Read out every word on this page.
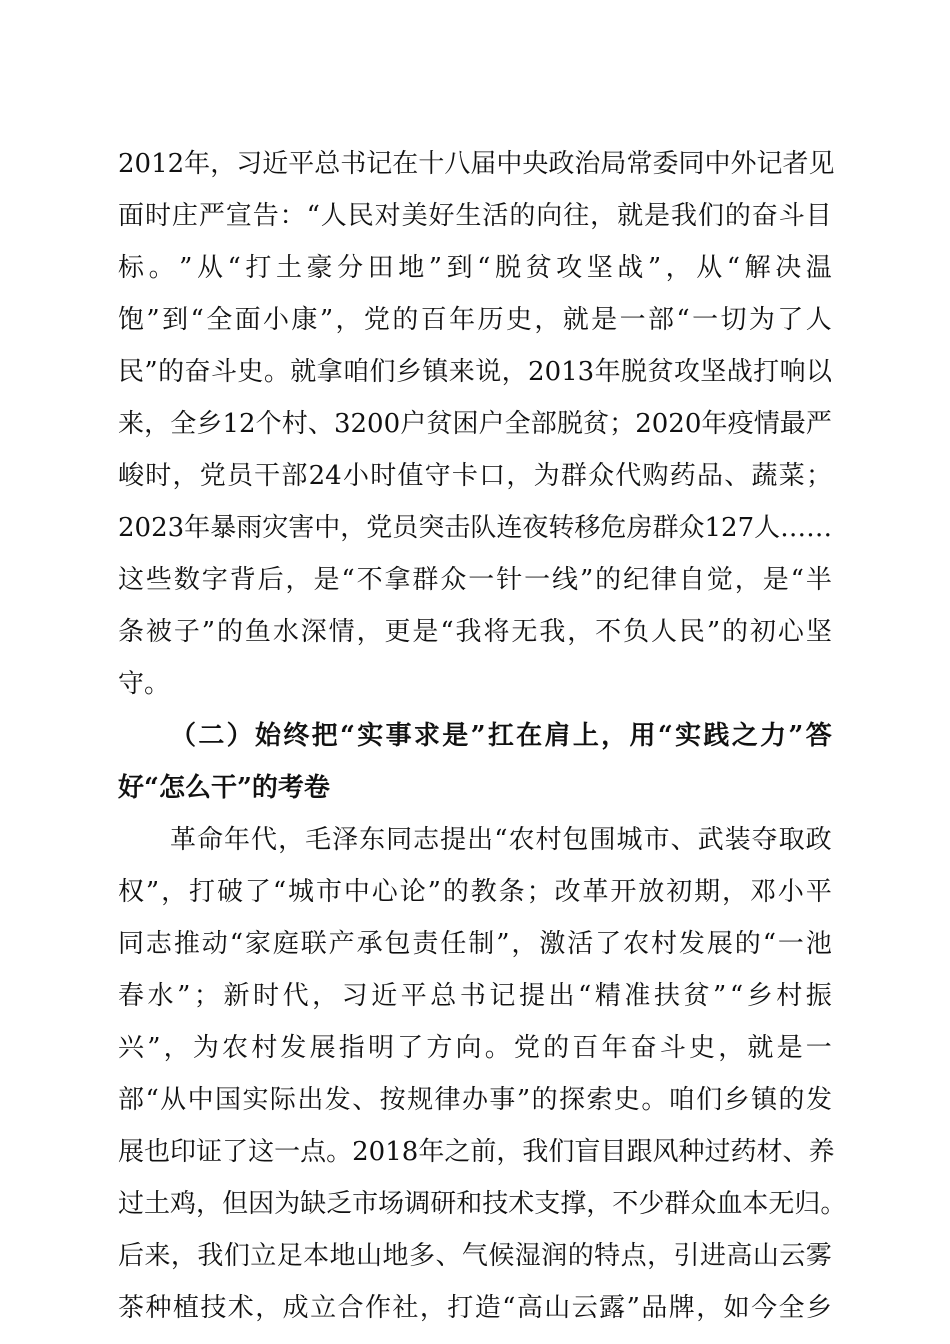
2012 年 ， 习 近 平 总 书 记 在 十 八 届 中 央 政 治 局 常 委 同 中 外 记 者 见
面 时 庄 严 宣 告 ： “ 人 民 对 美 好 生 活 的 向 往 ， 就 是 我 们 的 奋 斗 目
标 。 ” 从 “ 打 土 豪 分 田 地 ” 到 “ 脱 贫 攻 坚 战 ” ， 从 “ 解 决 温
饱 ” 到 “ 全 面 小 康 ” ， 党 的 百 年 历 史 ， 就 是 一 部 “ 一 切 为 了 人
民 ” 的 奋 斗 史 。 就 拿 咱 们 乡 镇 来 说 ， 2013 年 脱 贫 攻 坚 战 打 响 以
来 ， 全 乡 12 个 村 、 3200 户 贫 困 户 全 部 脱 贫 ； 2020 年 疫 情 最 严
峻 时 ， 党 员 干 部 24 小 时 值 守 卡 口 ， 为 群 众 代 购 药 品 、 蔬 菜 ；
2023 年 暴 雨 灾 害 中 ， 党 员 突 击 队 连 夜 转 移 危 房 群 众 127 人 … …
这 些 数 字 背 后 ， 是 “ 不 拿 群 众 一 针 一 线 ” 的 纪 律 自 觉 ， 是 “ 半
条 被 子 ” 的 鱼 水 深 情 ， 更 是 “ 我 将 无 我 ， 不 负 人 民 ” 的 初 心 坚
守。
（ 二 ） 始 终 把 “ 实 事 求 是 ” 扛 在 肩 上 ， 用 “ 实 践 之 力 ” 答
好“怎么干”的考卷
革 命 年 代 ， 毛 泽 东 同 志 提 出 “ 农 村 包 围 城 市 、 武 装 夺 取 政
权 ” ， 打 破 了 “ 城 市 中 心 论 ” 的 教 条 ； 改 革 开 放 初 期 ， 邓 小 平
同 志 推 动 “ 家 庭 联 产 承 包 责 任 制 ” ， 激 活 了 农 村 发 展 的 “ 一 池
春 水 ” ； 新 时 代 ， 习 近 平 总 书 记 提 出 “ 精 准 扶 贫 ” “ 乡 村 振
兴 ” ， 为 农 村 发 展 指 明 了 方 向 。 党 的 百 年 奋 斗 史 ， 就 是 一
部 “ 从 中 国 实 际 出 发 、 按 规 律 办 事 ” 的 探 索 史 。 咱 们 乡 镇 的 发
展 也 印 证 了 这 一 点 。 2018 年 之 前 ， 我 们 盲 目 跟 风 种 过 药 材 、 养
过 土 鸡 ， 但 因 为 缺 乏 市 场 调 研 和 技 术 支 撑 ， 不 少 群 众 血 本 无 归 。
后 来 ， 我 们 立 足 本 地 山 地 多 、 气 候 湿 润 的 特 点 ， 引 进 高 山 云 雾
茶 种 植 技 术 ， 成 立 合 作 社 ， 打 造 “ 高 山 云 露 ” 品 牌 ， 如 今 全 乡
